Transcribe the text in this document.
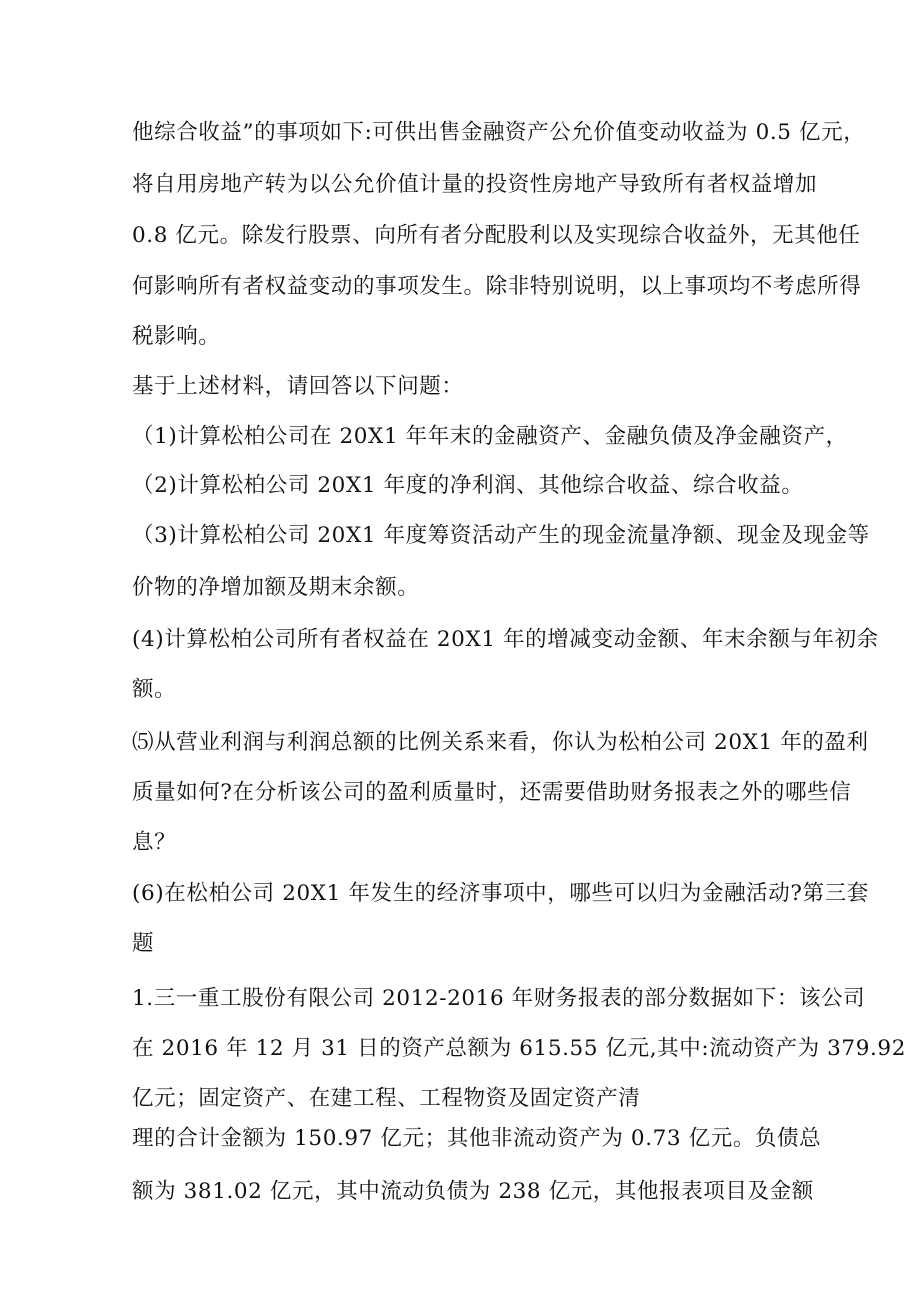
他综合收益”的事项如下:可供出售金融资产公允价值变动收益为 0.5 亿元，
将自用房地产转为以公允价值计量的投资性房地产导致所有者权益增加
0.8 亿元。除发行股票、向所有者分配股利以及实现综合收益外，无其他任
何影响所有者权益变动的事项发生。除非特别说明，以上事项均不考虑所得
税影响。
基于上述材料，请回答以下问题：
（1)计算松柏公司在 20X1 年年末的金融资产、金融负债及净金融资产，
（2)计算松柏公司 20X1 年度的净利润、其他综合收益、综合收益。
（3)计算松柏公司 20X1 年度筹资活动产生的现金流量净额、现金及现金等
价物的净增加额及期末余额。
(4)计算松柏公司所有者权益在 20X1 年的增减变动金额、年末余额与年初余
额。
⑸从营业利润与利润总额的比例关系来看，你认为松柏公司 20X1 年的盈利
质量如何?在分析该公司的盈利质量时，还需要借助财务报表之外的哪些信
息？
(6)在松柏公司 20X1 年发生的经济事项中，哪些可以归为金融活动?第三套
题
1.三一重工股份有限公司 2012-2016 年财务报表的部分数据如下：该公司
在 2016 年 12 月 31 日的资产总额为 615.55 亿元,其中:流动资产为 379.92
亿元；固定资产、在建工程、工程物资及固定资产清
理的合计金额为 150.97 亿元；其他非流动资产为 0.73 亿元。负债总
额为 381.02 亿元，其中流动负债为 238 亿元，其他报表项目及金额
